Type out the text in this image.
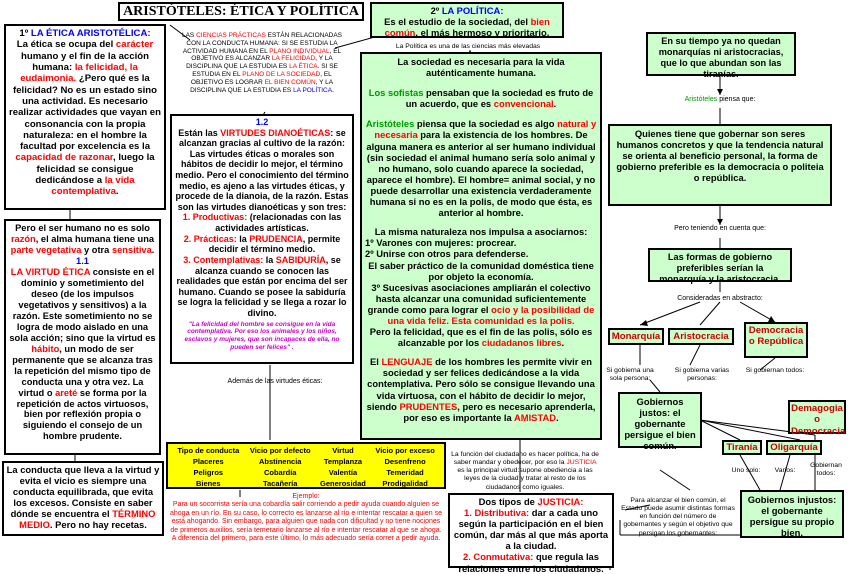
ARISTÓTELES: ÉTICA Y POLÍTICA

1º LA ÉTICA ARISTOTÉLICA:

La ética se ocupa del carácter humano y el fin de la acción humana: la felicidad, la eudaimonia. ¿Pero qué es la felicidad? No es un estado sino una actividad. Es necesario realizar actividades que vayan en consonancia con la propia naturaleza: en el hombre la facultad por excelencia es la capacidad de razonar, luego la felicidad se consigue dedicándose a la vida contemplativa.

Pero el ser humano no es solo razón, el alma humana tiene una parte vegetativa y otra sensitiva.

1.1

LA VIRTUD ÉTICA consiste en el dominio y sometimiento del deseo (de los impulsos vegetativos y sensitivos) a la razón. Este sometimiento no se logra de modo aislado en una sola acción; sino que la virtud es hábito, un modo de ser permanente que se alcanza tras la repetición del mismo tipo de conducta una y otra vez. La virtud o areté se forma por la repetición de actos virtuosos, bien por reflexión propia o siguiendo el consejo de un hombre prudente.

La conducta que lleva a la virtud y evita el vicio es siempre una conducta equilibrada, que evita los excesos. Consiste en saber dónde se encuentra el TÉRMINO MEDIO. Pero no hay recetas.

LAS CIENCIAS PRÁCTICAS ESTÁN RELACIONADAS CON LA CONDUCTA HUMANA: SI SE ESTUDIA LA ACTIVIDAD HUMANA EN EL PLANO INDIVIDUAL, EL OBJETIVO ES ALCANZAR LA FELICIDAD, Y LA DISCIPLINA QUE LA ESTUDIA ES LA ÉTICA. SI SE ESTUDIA EN EL PLANO DE LA SOCIEDAD, EL OBJETIVO ES LOGRAR EL BIEN COMÚN, Y LA DISCIPLINA QUE LA ESTUDIA ES LA POLÍTICA.

1.2

Están las VIRTUDES DIANOÉTICAS: se alcanzan gracias al cultivo de la razón:

Las virtudes éticas o morales son hábitos de decidir lo mejor, el término medio. Pero el conocimiento del término medio, es ajeno a las virtudes éticas, y procede de la dianoia, de la razón. Estas son las virtudes dianoéticas y son tres:

1. Productivas: (relacionadas con las actividades artísticas.

2. Prácticas: la PRUDENCIA, permite decidir el término medio.

3. Contemplativas: la SABIDURÍA, se alcanza cuando se conocen las realidades que están por encima del ser humano. Cuando se posee la sabiduría se logra la felicidad y se llega a rozar lo divino.

"La felicidad del hombre se consigue en la vida contemplativa. Por eso los animales y los niños, esclavos y mujeres, que son incapaces de ella, no pueden ser felices" .

Además de las virtudes éticas:
Tipo de conducta	Vicio por defecto	Virtud	Vicio por exceso
Placeres	Abstinencia	Templanza	Desenfreno
Peligros	Cobardía	Valentía	Temeridad
Bienes	Tacañería	Generosidad	Prodigalidad

Ejemplo:

Para un socorrista sería una cobardía salir corriendo a pedir ayuda cuando alguien se ahoga en un río. En su caso, lo correcto es lanzarse al río e intentar rescatar a quien se está ahogando. Sin embargo, para alguien que nada con dificultad y no tiene nociones de primeros auxilios, sería temerario lanzarse al río e intentar rescatar al que se ahoga. A diferencia del primero, para este último, lo más adecuado sería correr a pedir ayuda.

2º LA POLÍTICA:

Es el estudio de la sociedad, del bien común, el más hermoso y prioritario.

La Política es una de las ciencias más elevadas

La sociedad es necesaria para la vida auténticamente humana.

Los sofistas pensaban que la sociedad es fruto de un acuerdo, que es convencional.

Aristóteles piensa que la sociedad es algo natural y necesaria para la existencia de los hombres. De alguna manera es anterior al ser humano individual (sin sociedad el animal humano sería solo animal y no humano, solo cuando aparece la sociedad, aparece el hombre). El hombre= animal social, y no puede desarrollar una existencia verdaderamente humana si no es en la polis, de modo que ésta, es anterior al hombre.

La misma naturaleza nos impulsa a asociarnos:

1º Varones con mujeres: procrear.

2º Unirse con otros para defenderse.

El saber práctico de la comunidad doméstica tiene por objeto la economía.

3º Sucesivas asociaciones ampliarán el colectivo hasta alcanzar una comunidad suficientemente grande como para lograr el ocio y la posibilidad de una vida feliz. Esta comunidad es la polis.

Pero la felicidad, que es el fin de las polis, sólo es alcanzable por los ciudadanos libres.

El LENGUAJE de los hombres les permite vivir en sociedad y ser felices dedicándose a la vida contemplativa. Pero sólo se consigue llevando una vida virtuosa, con el hábito de decidir lo mejor, siendo PRUDENTES, pero es necesario aprenderla, por eso es importante la AMISTAD.

La función del ciudadano es hacer política, ha de saber mandar y obedecer, por eso la JUSTICIA es la principal virtud:supone obediencia a las leyes de la ciudad y tratar al resto de los ciudadanos como iguales.

Dos tipos de JUSTICIA:

1. Distributiva: dar a cada uno según la participación en el bien común, dar más al que más aporta a la ciudad.

2. Conmutativa: que regula las relaciones entre los ciudadanos.

En su tiempo ya no quedan monarquías ni aristocracias, que lo que abundan son las tiranías.
Aristóteles piensa que:
Quienes tiene que gobernar son seres humanos concretos y que la tendencia natural se orienta al beneficio personal, la forma de gobierno preferible es la democracia o politeia o república.
Pero teniendo en cuenta que:
Las formas de gobierno preferibles serían la monarquía y la aristocracia.
Consideradas en abstracto:
Monarquía	Aristocracia
Democracia o República
Si gobierna una sola persona:
Si gobierna varias personas:
Si gobiernan todos:
Gobiernos justos: el gobernante persigue el bien común.	Tiranía	Oligarquía
Demagogia o Democracia
Uno solo:	Varios:
Gobiernan todos:
Gobiernos injustos: el gobernante persigue su propio bien.
Para alcanzar el bien común, el Estado puede asumir distintas formas en función del número de gobernantes y según el objetivo que persigan los gobernantes:
